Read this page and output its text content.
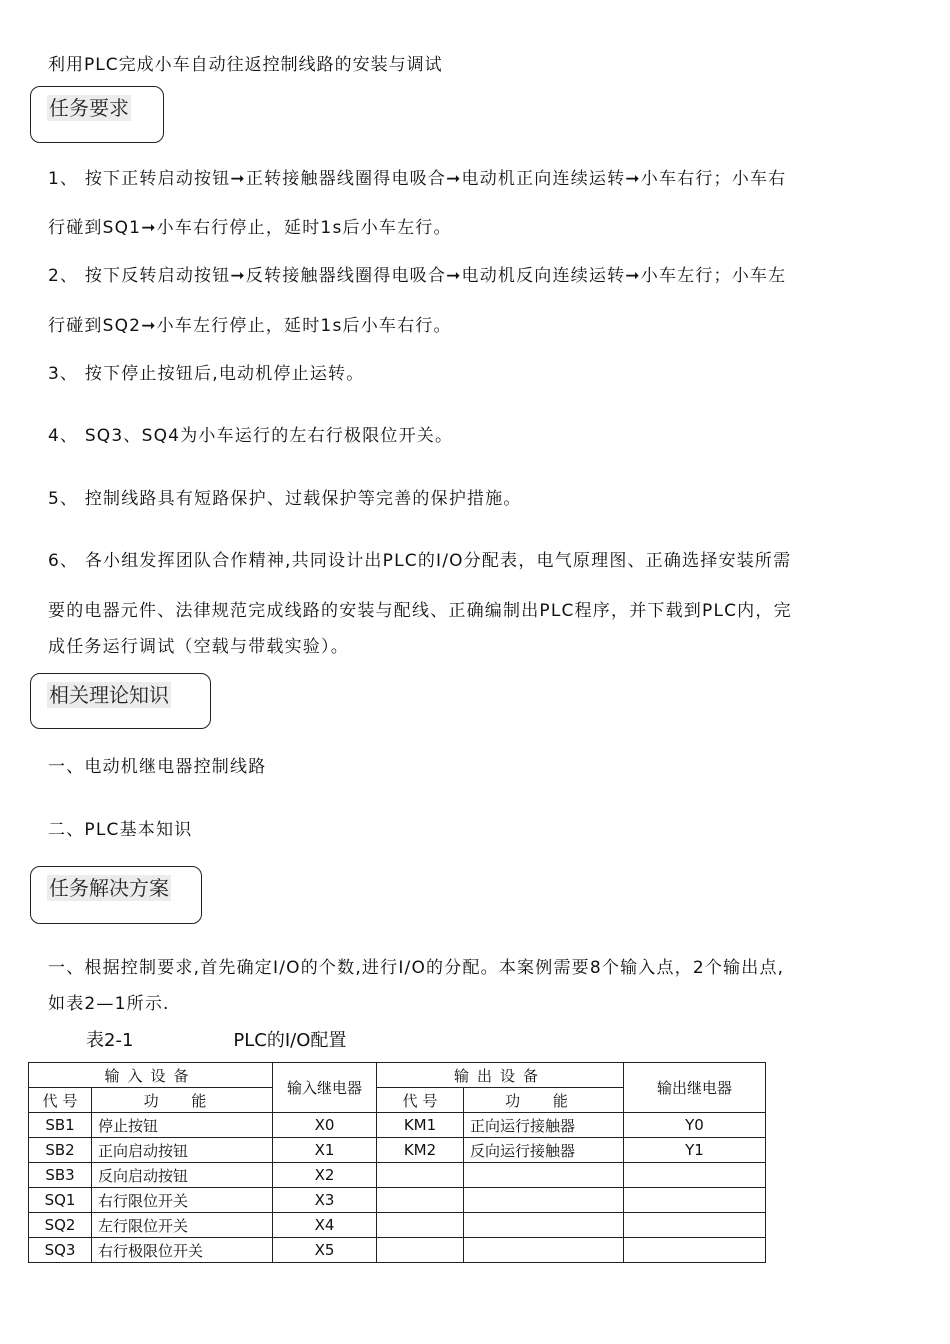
利用PLC完成小车自动往返控制线路的安装与调试
任务要求
1、 按下正转启动按钮➞正转接触器线圈得电吸合➞电动机正向连续运转➞小车右行；小车右
行碰到SQ1➞小车右行停止，延时1s后小车左行。
2、 按下反转启动按钮➞反转接触器线圈得电吸合➞电动机反向连续运转➞小车左行；小车左
行碰到SQ2➞小车左行停止，延时1s后小车右行。
3、 按下停止按钮后,电动机停止运转。
4、 SQ3、SQ4为小车运行的左右行极限位开关。
5、 控制线路具有短路保护、过载保护等完善的保护措施。
6、 各小组发挥团队合作精神,共同设计出PLC的I/O分配表，电气原理图、正确选择安装所需
要的电器元件、法律规范完成线路的安装与配线、正确编制出PLC程序，并下载到PLC内，完
成任务运行调试（空载与带载实验）。
相关理论知识
一、电动机继电器控制线路
二、PLC基本知识
任务解决方案
一、根据控制要求,首先确定I/O的个数,进行I/O的分配。本案例需要8个输入点，2个输出点,
如表2—1所示.
表2-1	PLC的I/O配置
输入设备		输入继电器	输出设备		输出继电器
代 号	功 能		代 号	功 能	
SB1	停止按钮	X0	KM1	正向运行接触器	Y0
SB2	正向启动按钮	X1	KM2	反向运行接触器	Y1
SB3	反向启动按钮	X2			
SQ1	右行限位开关	X3			
SQ2	左行限位开关	X4			
SQ3	右行极限位开关	X5			
